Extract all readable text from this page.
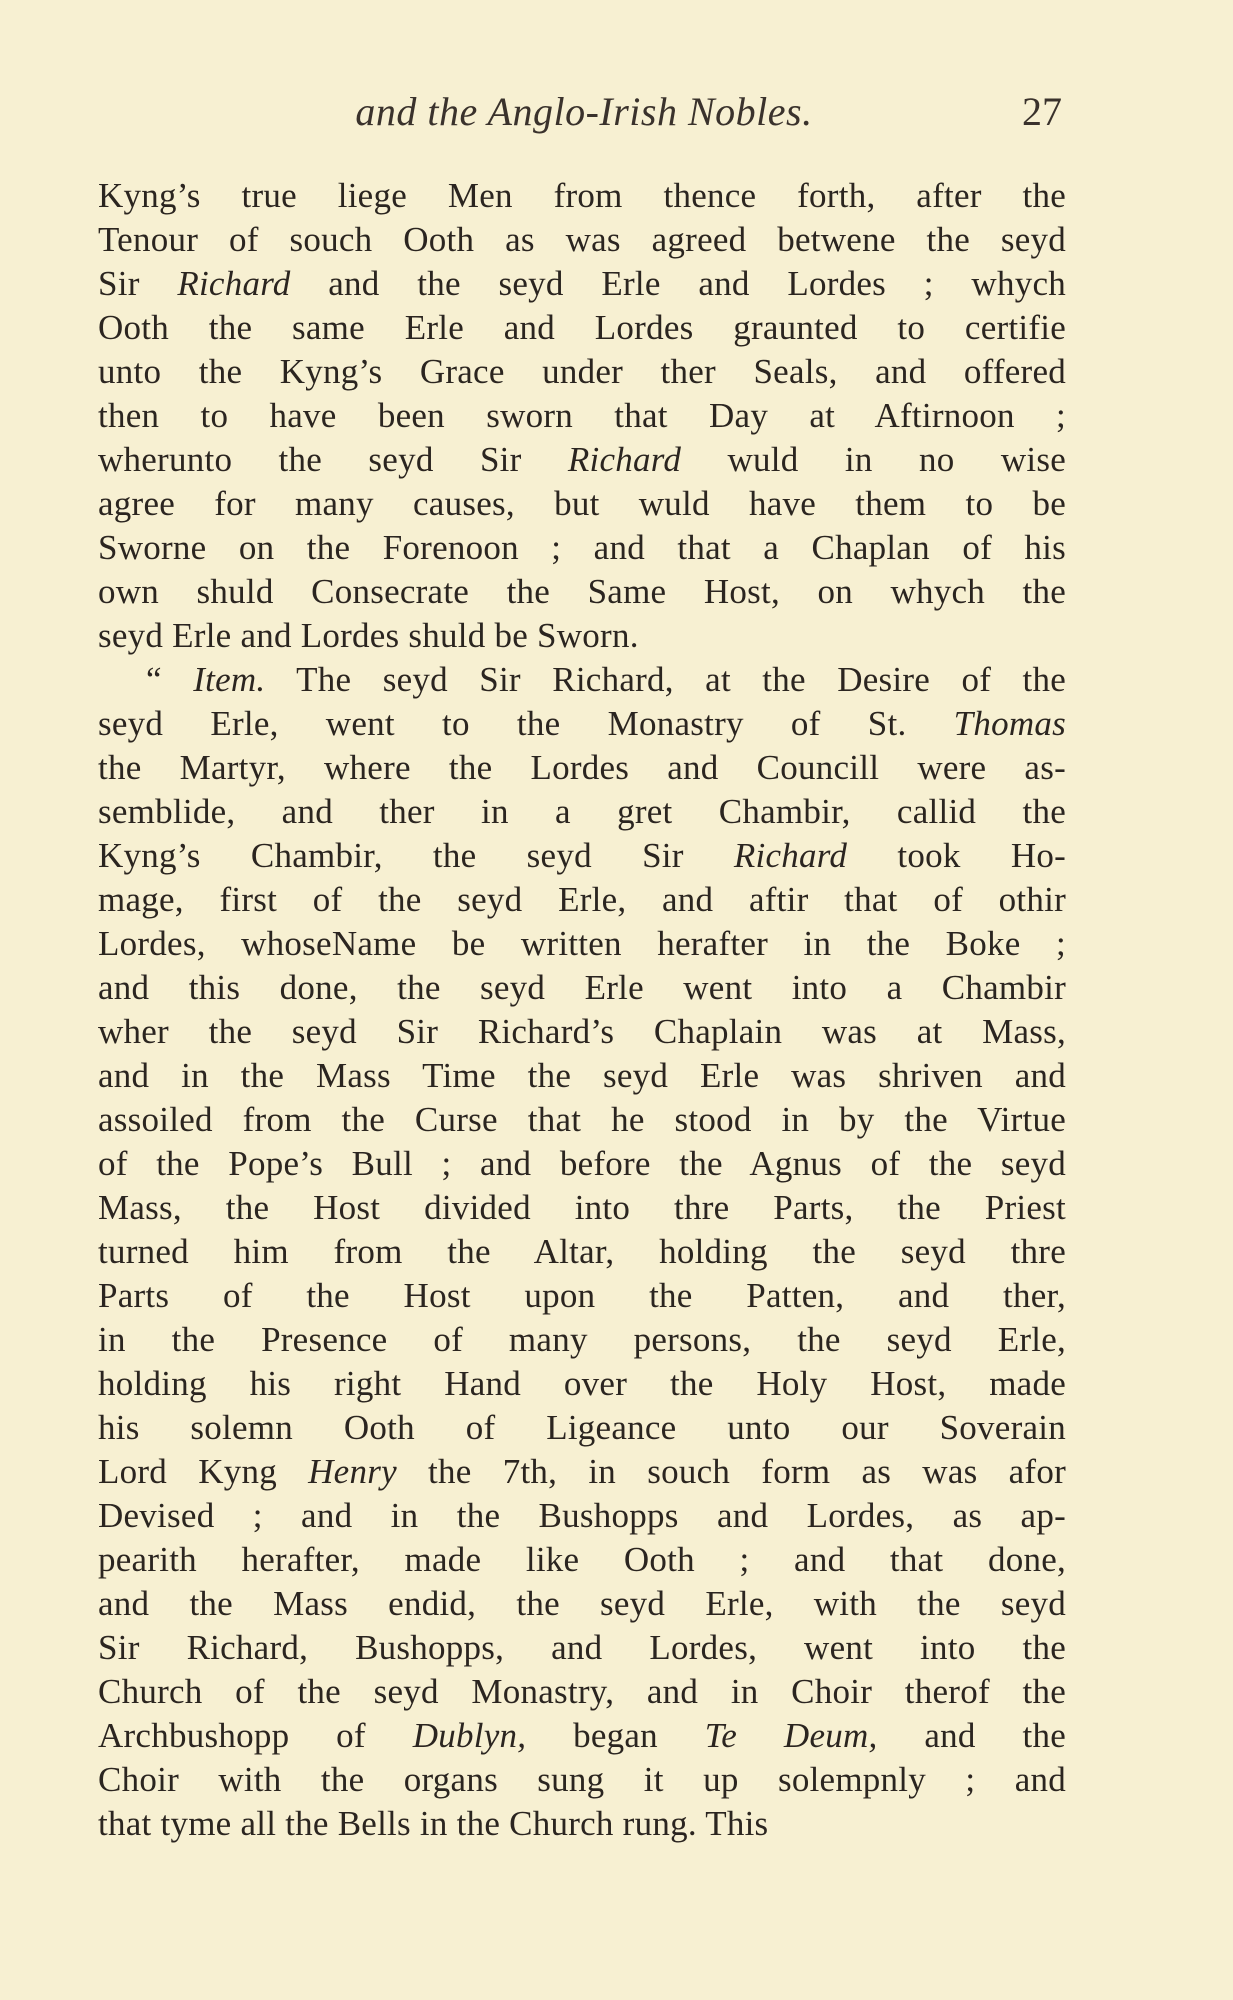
and the Anglo-Irish Nobles.	27
Kyng’s true liege Men from thence forth, after the
Tenour of souch Ooth as was agreed betwene the seyd
Sir Richard and the seyd Erle and Lordes ; whych
Ooth the same Erle and Lordes graunted to certifie
unto the Kyng’s Grace under ther Seals, and offered
then to have been sworn that Day at Aftirnoon ;
wherunto the seyd Sir Richard wuld in no wise
agree for many causes, but wuld have them to be
Sworne on the Forenoon ; and that a Chaplan of his
own shuld Consecrate the Same Host, on whych the
seyd Erle and Lordes shuld be Sworn.
“ Item. The seyd Sir Richard, at the Desire of the
seyd Erle, went to the Monastry of St. Thomas
the Martyr, where the Lordes and Councill were as-
semblide, and ther in a gret Chambir, callid the
Kyng’s Chambir, the seyd Sir Richard took Ho-
mage, first of the seyd Erle, and aftir that of othir
Lordes, whoseName be written herafter in the Boke ;
and this done, the seyd Erle went into a Chambir
wher the seyd Sir Richard’s Chaplain was at Mass,
and in the Mass Time the seyd Erle was shriven and
assoiled from the Curse that he stood in by the Virtue
of the Pope’s Bull ; and before the Agnus of the seyd
Mass, the Host divided into thre Parts, the Priest
turned him from the Altar, holding the seyd thre
Parts of the Host upon the Patten, and ther,
in the Presence of many persons, the seyd Erle,
holding his right Hand over the Holy Host, made
his solemn Ooth of Ligeance unto our Soverain
Lord Kyng Henry the 7th, in souch form as was afor
Devised ; and in the Bushopps and Lordes, as ap-
pearith herafter, made like Ooth ; and that done,
and the Mass endid, the seyd Erle, with the seyd
Sir Richard, Bushopps, and Lordes, went into the
Church of the seyd Monastry, and in Choir therof the
Archbushopp of Dublyn, began Te Deum, and the
Choir with the organs sung it up solempnly ; and
that tyme all the Bells in the Church rung. This
